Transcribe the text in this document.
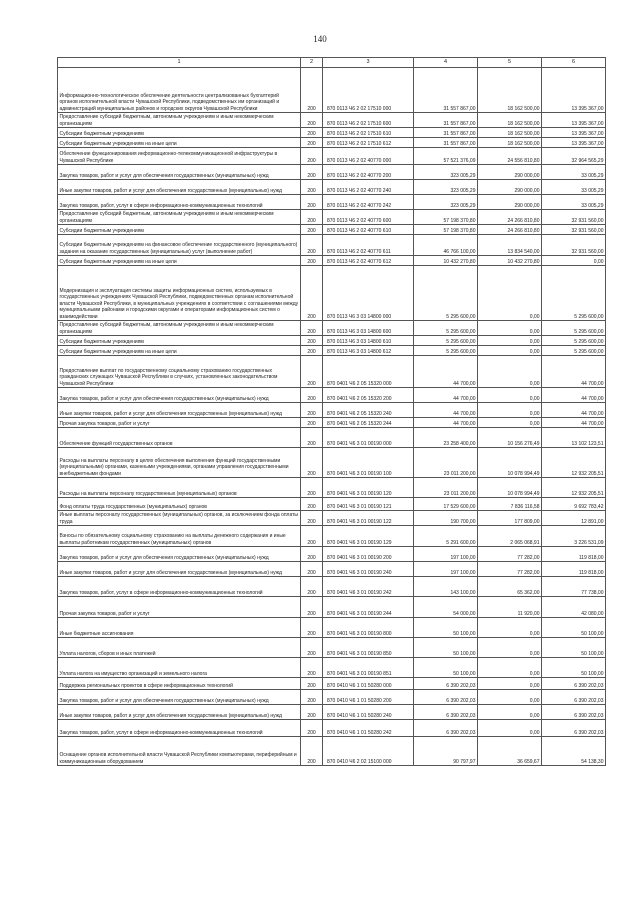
140
1	2	3	4	5	6
Информационно-технологическое обеспечение деятельности централизованных бухгалтерий органов исполнительной власти Чувашской Республики, подведомственных им организаций и администраций муниципальных районов и городских округов Чувашской Республики	200	870 0113 Ч6 2 02 17510 000	31 557 867,00	18 162 500,00	13 395 367,00
Предоставление субсидий бюджетным, автономным учреждениям и иным некоммерческим организациям	200	870 0113 Ч6 2 02 17510 600	31 557 867,00	18 162 500,00	13 395 367,00
Субсидии бюджетным учреждениям	200	870 0113 Ч6 2 02 17510 610	31 557 867,00	18 162 500,00	13 395 367,00
Субсидии бюджетным учреждениям на иные цели	200	870 0113 Ч6 2 02 17510 612	31 557 867,00	18 162 500,00	13 395 367,00
Обеспечение функционирования информационно-телекоммуникационной инфраструктуры в Чувашской Республике	200	870 0113 Ч6 2 02 40770 000	57 521 376,09	24 556 810,80	32 964 565,29
Закупка товаров, работ и услуг для обеспечения государственных (муниципальных) нужд	200	870 0113 Ч6 2 02 40770 200	323 005,29	290 000,00	33 005,29
Иные закупки товаров, работ и услуг для обеспечения государственных (муниципальных) нужд	200	870 0113 Ч6 2 02 40770 240	323 005,29	290 000,00	33 005,29
Закупка товаров, работ, услуг в сфере информационно-коммуникационных технологий	200	870 0113 Ч6 2 02 40770 242	323 005,29	290 000,00	33 005,29
Предоставление субсидий бюджетным, автономным учреждениям и иным некоммерческим организациям	200	870 0113 Ч6 2 02 40770 600	57 198 370,80	24 266 810,80	32 931 560,00
Субсидии бюджетным учреждениям	200	870 0113 Ч6 2 02 40770 610	57 198 370,80	24 266 810,80	32 931 560,00
Субсидии бюджетным учреждениям на финансовое обеспечение государственного (муниципального) задания на оказание государственных (муниципальных) услуг (выполнение работ)	200	870 0113 Ч6 2 02 40770 611	46 766 100,00	13 834 540,00	32 931 560,00
Субсидии бюджетным учреждениям на иные цели	200	870 0113 Ч6 2 02 40770 612	10 432 270,80	10 432 270,80	0,00
Модернизация и эксплуатация системы защиты информационных систем, используемых в государственных учреждениях Чувашской Республики, подведомственных органам исполнительной власти Чувашской Республики, в муниципальных учреждениях в соответствии с соглашениями между муниципальными районами и городскими округами и операторами информационных систем о взаимодействии	200	870 0113 Ч6 3 03 14800 000	5 295 600,00	0,00	5 295 600,00
Предоставление субсидий бюджетным, автономным учреждениям и иным некоммерческим организациям	200	870 0113 Ч6 3 03 14800 600	5 295 600,00	0,00	5 295 600,00
Субсидии бюджетным учреждениям	200	870 0113 Ч6 3 03 14800 610	5 295 600,00	0,00	5 295 600,00
Субсидии бюджетным учреждениям на иные цели	200	870 0113 Ч6 3 03 14800 612	5 295 600,00	0,00	5 295 600,00
Предоставление выплат по государственному социальному страхованию государственных гражданских служащих Чувашской Республики в случаях, установленных законодательством Чувашской Республики	200	870 0401 Ч6 2 05 15320 000	44 700,00	0,00	44 700,00
Закупка товаров, работ и услуг для обеспечения государственных (муниципальных) нужд	200	870 0401 Ч6 2 05 15320 200	44 700,00	0,00	44 700,00
Иные закупки товаров, работ и услуг для обеспечения государственных (муниципальных) нужд	200	870 0401 Ч6 2 05 15320 240	44 700,00	0,00	44 700,00
Прочая закупка товаров, работ и услуг	200	870 0401 Ч6 2 05 15320 244	44 700,00	0,00	44 700,00
Обеспечение функций государственных органов	200	870 0401 Ч6 3 01 00190 000	23 258 400,00	10 156 276,49	13 102 123,51
Расходы на выплаты персоналу в целях обеспечения выполнения функций государственными (муниципальными) органами, казенными учреждениями, органами управления государственными внебюджетными фондами	200	870 0401 Ч6 3 01 00190 100	23 011 200,00	10 078 994,49	12 932 205,51
Расходы на выплаты персоналу государственных (муниципальных) органов	200	870 0401 Ч6 3 01 00190 120	23 011 200,00	10 078 994,49	12 932 205,51
Фонд оплаты труда государственных (муниципальных) органов	200	870 0401 Ч6 3 01 00190 121	17 529 600,00	7 836 116,58	9 692 783,42
Иные выплаты персоналу государственных (муниципальных) органов, за исключением фонда оплаты труда	200	870 0401 Ч6 3 01 00190 122	190 700,00	177 809,00	12 891,00
Взносы по обязательному социальному страхованию на выплаты денежного содержания и иные выплаты работникам государственных (муниципальных) органов	200	870 0401 Ч6 3 01 00190 129	5 291 600,00	2 065 068,91	3 226 531,09
Закупка товаров, работ и услуг для обеспечения государственных (муниципальных) нужд	200	870 0401 Ч6 3 01 00190 200	197 100,00	77 282,00	119 818,00
Иные закупки товаров, работ и услуг для обеспечения государственных (муниципальных) нужд	200	870 0401 Ч6 3 01 00190 240	197 100,00	77 282,00	119 818,00
Закупка товаров, работ, услуг в сфере информационно-коммуникационных технологий	200	870 0401 Ч6 3 01 00190 242	143 100,00	65 362,00	77 738,00
Прочая закупка товаров, работ и услуг	200	870 0401 Ч6 3 01 00190 244	54 000,00	11 920,00	42 080,00
Иные бюджетные ассигнования	200	870 0401 Ч6 3 01 00190 800	50 100,00	0,00	50 100,00
Уплата налогов, сборов и иных платежей	200	870 0401 Ч6 3 01 00190 850	50 100,00	0,00	50 100,00
Уплата налога на имущество организаций и земельного налога	200	870 0401 Ч6 3 01 00190 851	50 100,00	0,00	50 100,00
Поддержка региональных проектов в сфере информационных технологий	200	870 0410 Ч6 1 01 50280 000	6 390 202,03	0,00	6 390 202,03
Закупка товаров, работ и услуг для обеспечения государственных (муниципальных) нужд	200	870 0410 Ч6 1 01 50280 200	6 390 202,03	0,00	6 390 202,03
Иные закупки товаров, работ и услуг для обеспечения государственных (муниципальных) нужд	200	870 0410 Ч6 1 01 50280 240	6 390 202,03	0,00	6 390 202,03
Закупка товаров, работ, услуг в сфере информационно-коммуникационных технологий	200	870 0410 Ч6 1 01 50280 242	6 390 202,03	0,00	6 390 202,03
Оснащение органов исполнительной власти Чувашской Республики компьютерами, периферийным и коммуникационным оборудованием	200	870 0410 Ч6 2 02 15100 000	90 797,97	36 659,67	54 138,30
